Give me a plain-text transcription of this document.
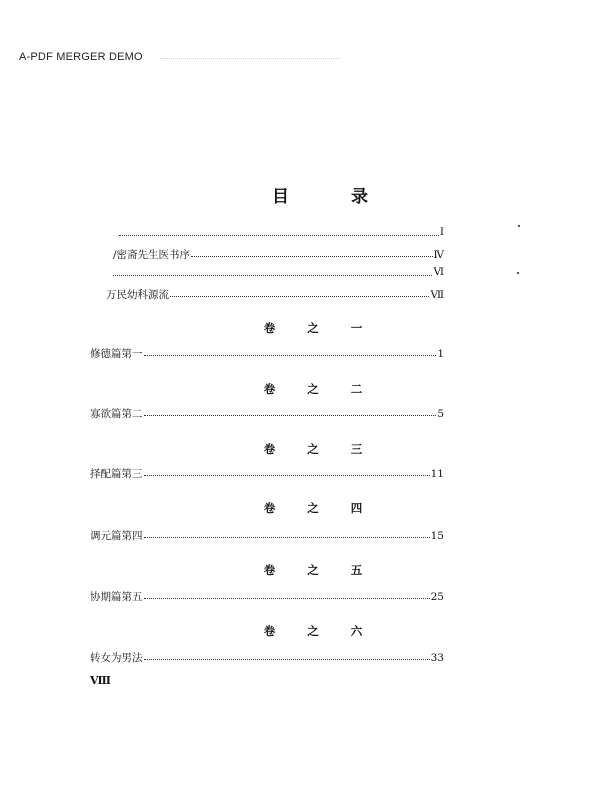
A-PDF MERGER DEMO
目 录
I
/密斋先生医书序	Ⅳ
Ⅵ
万民幼科源流	Ⅶ
卷 之 一
修德篇第一	1
卷 之 二
寡欲篇第二	5
卷 之 三
择配篇第三	11
卷 之 四
调元篇第四	15
卷 之 五
协期篇第五	25
卷 之 六
转女为男法	33
Ⅷ
